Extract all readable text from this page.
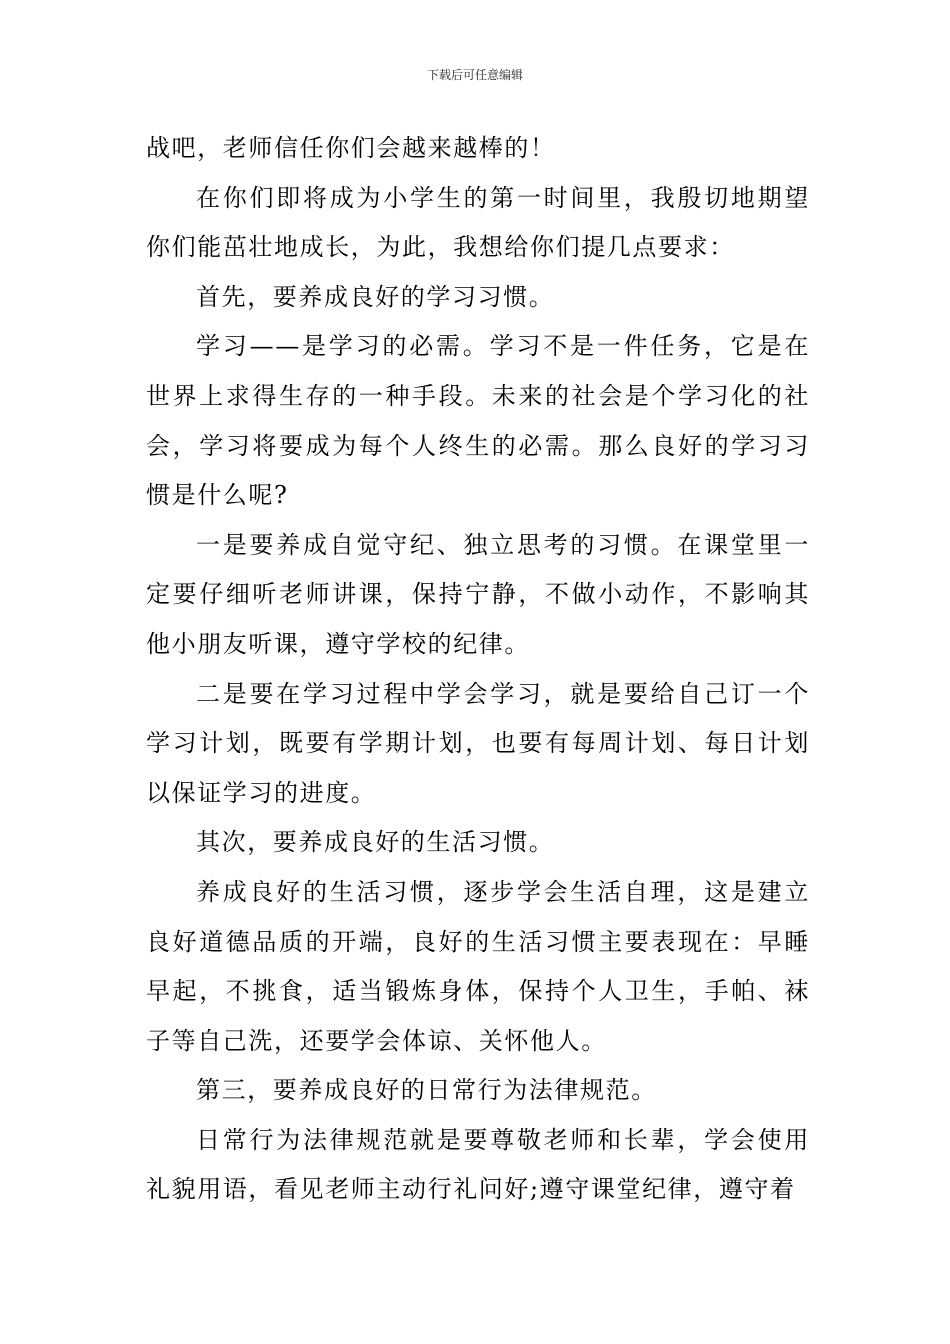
下载后可任意编辑

战吧，老师信任你们会越来越棒的！

在你们即将成为小学生的第一时间里，我殷切地期望你们能茁壮地成长，为此，我想给你们提几点要求：

首先，要养成良好的学习习惯。

学习——是学习的必需。学习不是一件任务，它是在世界上求得生存的一种手段。未来的社会是个学习化的社会，学习将要成为每个人终生的必需。那么良好的学习习惯是什么呢?

一是要养成自觉守纪、独立思考的习惯。在课堂里一定要仔细听老师讲课，保持宁静，不做小动作，不影响其他小朋友听课，遵守学校的纪律。

二是要在学习过程中学会学习，就是要给自己订一个学习计划，既要有学期计划，也要有每周计划、每日计划以保证学习的进度。

其次，要养成良好的生活习惯。

养成良好的生活习惯，逐步学会生活自理，这是建立良好道德品质的开端，良好的生活习惯主要表现在：早睡早起，不挑食，适当锻炼身体，保持个人卫生，手帕、袜子等自己洗，还要学会体谅、关怀他人。

第三，要养成良好的日常行为法律规范。

日常行为法律规范就是要尊敬老师和长辈，学会使用礼貌用语，看见老师主动行礼问好;遵守课堂纪律，遵守着
